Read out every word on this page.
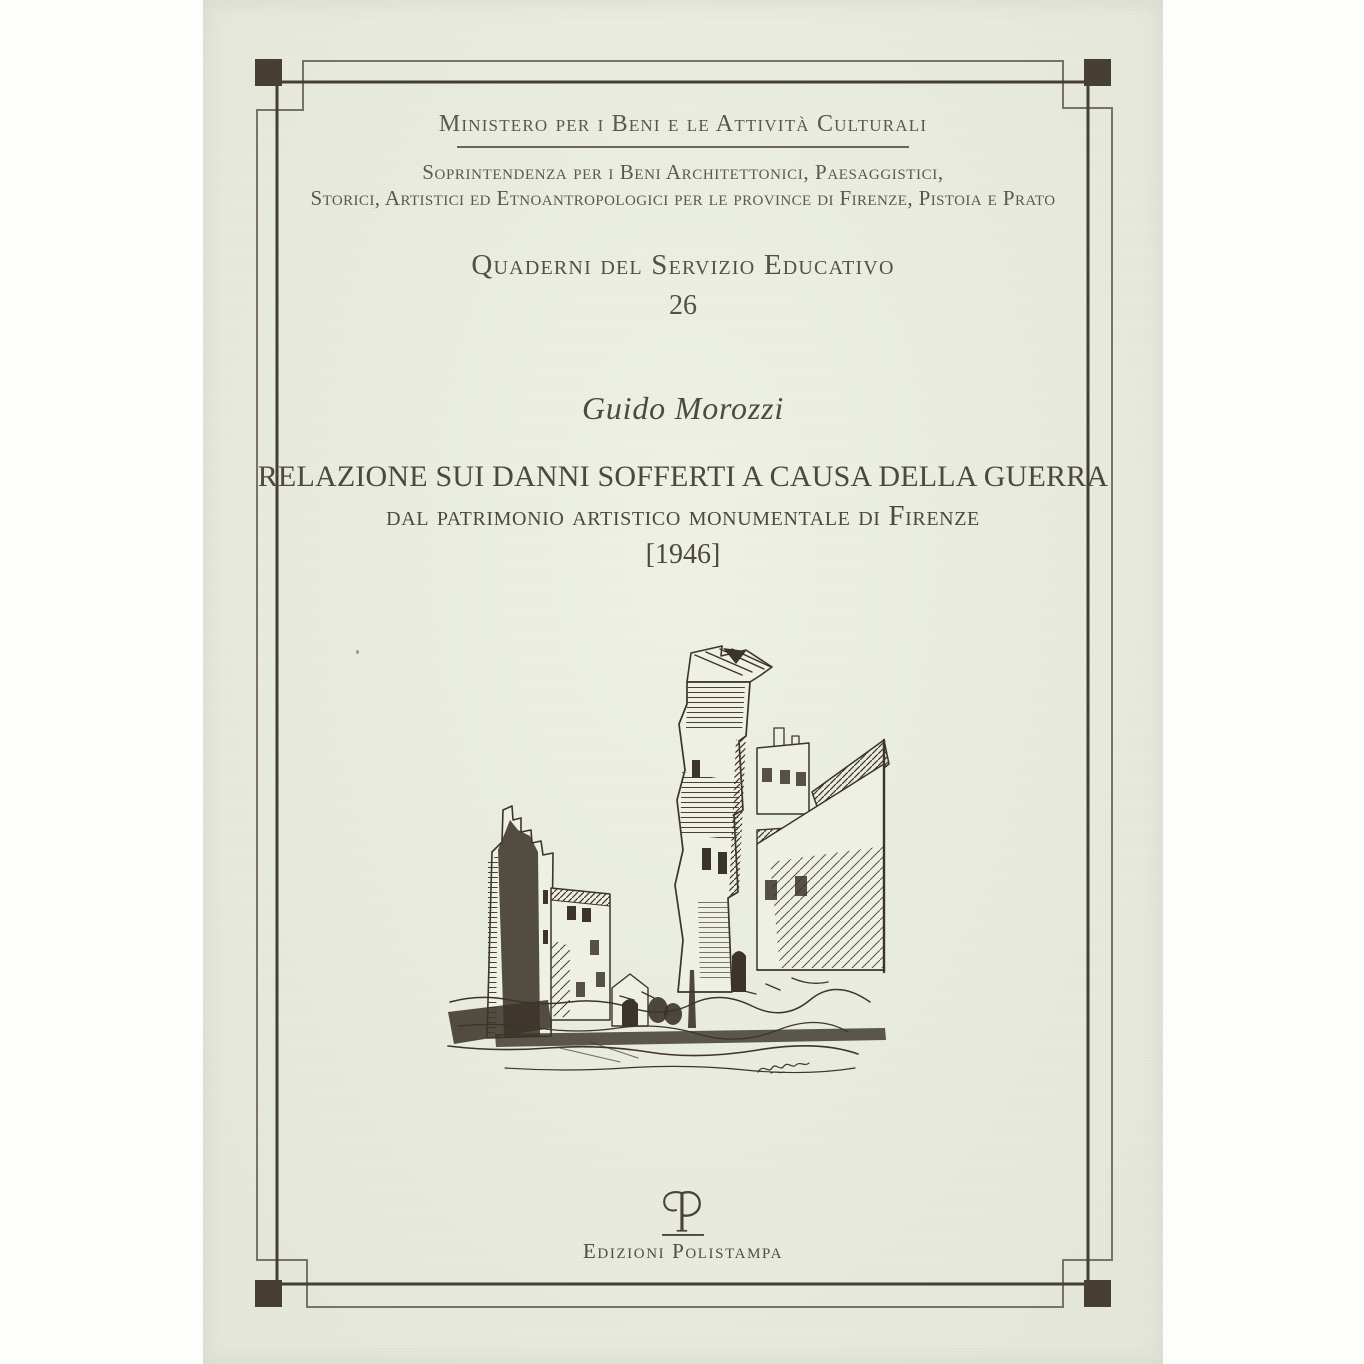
Ministero per i Beni e le Attività Culturali
Soprintendenza per i Beni Architettonici, Paesaggistici,
Storici, Artistici ed Etnoantropologici per le province di Firenze, Pistoia e Prato
Quaderni del Servizio Educativo
26
Guido Morozzi
RELAZIONE SUI DANNI SOFFERTI A CAUSA DELLA GUERRA
dal patrimonio artistico monumentale di Firenze
[1946]
Edizioni Polistampa
